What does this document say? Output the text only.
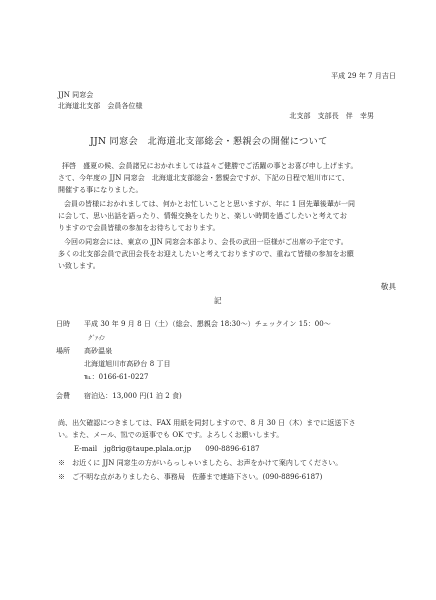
平成 29 年 7 月吉日
JJN 同窓会
北海道北支部　会員各位様
北支部　支部長　伴　幸男
JJN 同窓会　北海道北支部総会・懇親会の開催について
拝啓　盛夏の候、会員諸兄におかれましては益々ご健勝でご活躍の事とお喜び申し上げます。
さて、今年度の JJN 同窓会　北海道北支部総会・懇親会ですが、下記の日程で旭川市にて、
開催する事になりました。
会員の皆様におかれましては、何かとお忙しいことと思いますが、年に 1 回先輩後輩が一同
に会して、思い出話を語ったり、情報交換をしたりと、楽しい時間を過ごしたいと考えてお
りますので会員皆様の参加をお待ちしております。
今回の同窓会には、東京の JJN 同窓会本部より、会長の武田一臣様がご出席の予定です。
多くの北支部会員で武田会長をお迎えしたいと考えておりますので、重ねて皆様の参加をお願
い致します。
敬具
記
日時 平成 30 年 9 月 8 日（土）（総会、懇親会 18:30〜）チェックイン 15：00〜
ｸﾞｧｲﾝ
場所 高砂温泉
北海道旭川市高砂台 8 丁目
℡：0166-61-0227
会費 宿泊込：13,000 円(1 泊 2 食)
尚、出欠確認につきましては、FAX 用紙を同封しますので、8 月 30 日（木）までに返送下さ
い。また、メール、℡での返事でも OK です。よろしくお願いします。
E-mail　jg8rig@taupe.plala.or.jp　　090-8896-6187
※　お近くに JJN 同窓生の方がいらっしゃいましたら、お声をかけて案内してください。
※　ご不明な点がありましたら、事務局　佐藤まで連絡下さい。(090-8896-6187)
